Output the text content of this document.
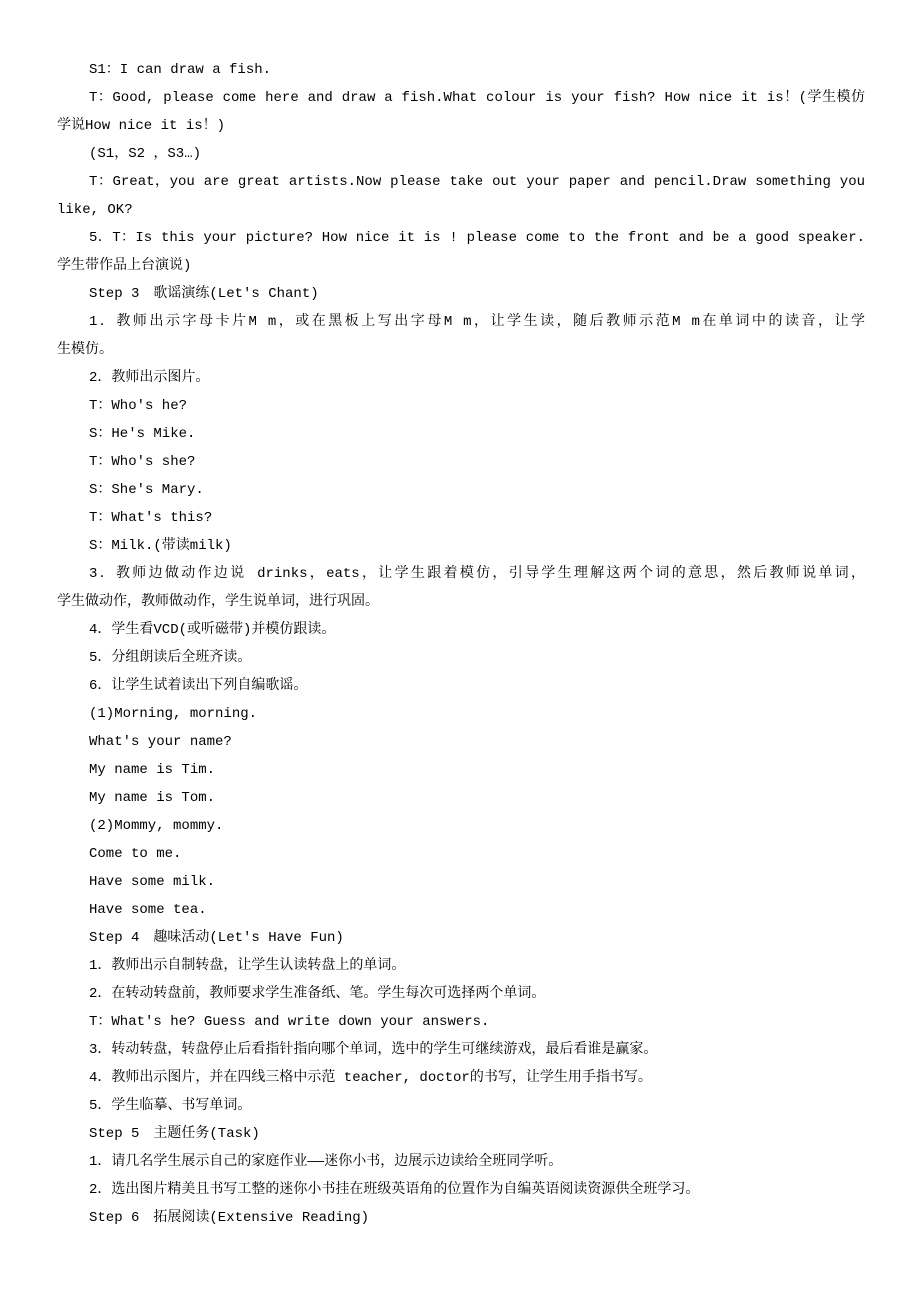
S1：I can draw a fish.
T：Good, please come here and draw a fish.What colour is your fish? How nice it is！(学生模仿
学说How nice it is！)
(S1，S2 ，S3…)
T：Great，you are great artists.Now please take out your paper and pencil.Draw something you
like, OK?
5．T：Is this your picture? How nice it is ! please come to the front and be a good speaker.
学生带作品上台演说)
Step 3　歌谣演练(Let's Chant)
1．教师出示字母卡片M m，或在黑板上写出字母M m，让学生读，随后教师示范M m在单词中的读音，让学
生模仿。
2．教师出示图片。
T：Who's he?
S：He's Mike.
T：Who's she?
S：She's Mary.
T：What's this?
S：Milk.(带读milk)
3．教师边做动作边说 drinks，eats，让学生跟着模仿，引导学生理解这两个词的意思，然后教师说单词，
学生做动作，教师做动作，学生说单词，进行巩固。
4．学生看VCD(或听磁带)并模仿跟读。
5．分组朗读后全班齐读。
6．让学生试着读出下列自编歌谣。
(1)Morning, morning.
What's your name?
My name is Tim.
My name is Tom.
(2)Mommy, mommy.
Come to me.
Have some milk.
Have some tea.
Step 4　趣味活动(Let's Have Fun)
1．教师出示自制转盘，让学生认读转盘上的单词。
2．在转动转盘前，教师要求学生准备纸、笔。学生每次可选择两个单词。
T：What's he? Guess and write down your answers.
3．转动转盘，转盘停止后看指针指向哪个单词，选中的学生可继续游戏，最后看谁是赢家。
4．教师出示图片，并在四线三格中示范 teacher, doctor的书写，让学生用手指书写。
5．学生临摹、书写单词。
Step 5　主题任务(Task)
1．请几名学生展示自己的家庭作业——迷你小书，边展示边读给全班同学听。
2．选出图片精美且书写工整的迷你小书挂在班级英语角的位置作为自编英语阅读资源供全班学习。
Step 6　拓展阅读(Extensive Reading)
